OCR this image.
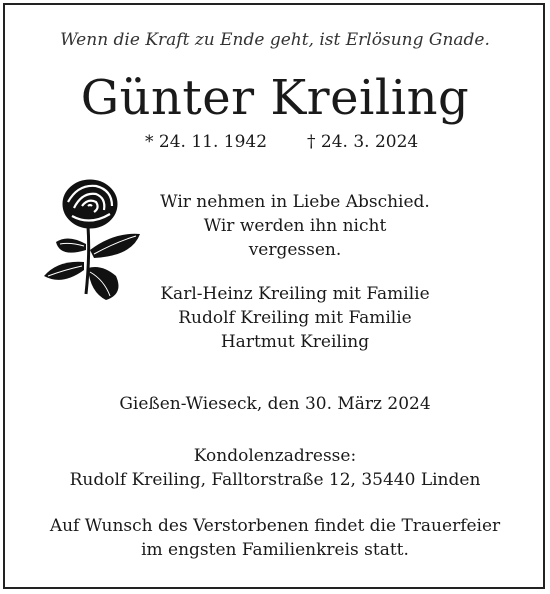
Wenn die Kraft zu Ende geht, ist Erlösung Gnade.
Günter Kreiling
* 24. 11. 1942 † 24. 3. 2024
Wir nehmen in Liebe Abschied.
Wir werden ihn nicht vergessen.
Karl-Heinz Kreiling mit Familie
Rudolf Kreiling mit Familie
Hartmut Kreiling
Gießen-Wieseck, den 30. März 2024
Kondolenzadresse:
Rudolf Kreiling, Falltorstraße 12, 35440 Linden
Auf Wunsch des Verstorbenen findet die Trauerfeier
im engsten Familienkreis statt.
